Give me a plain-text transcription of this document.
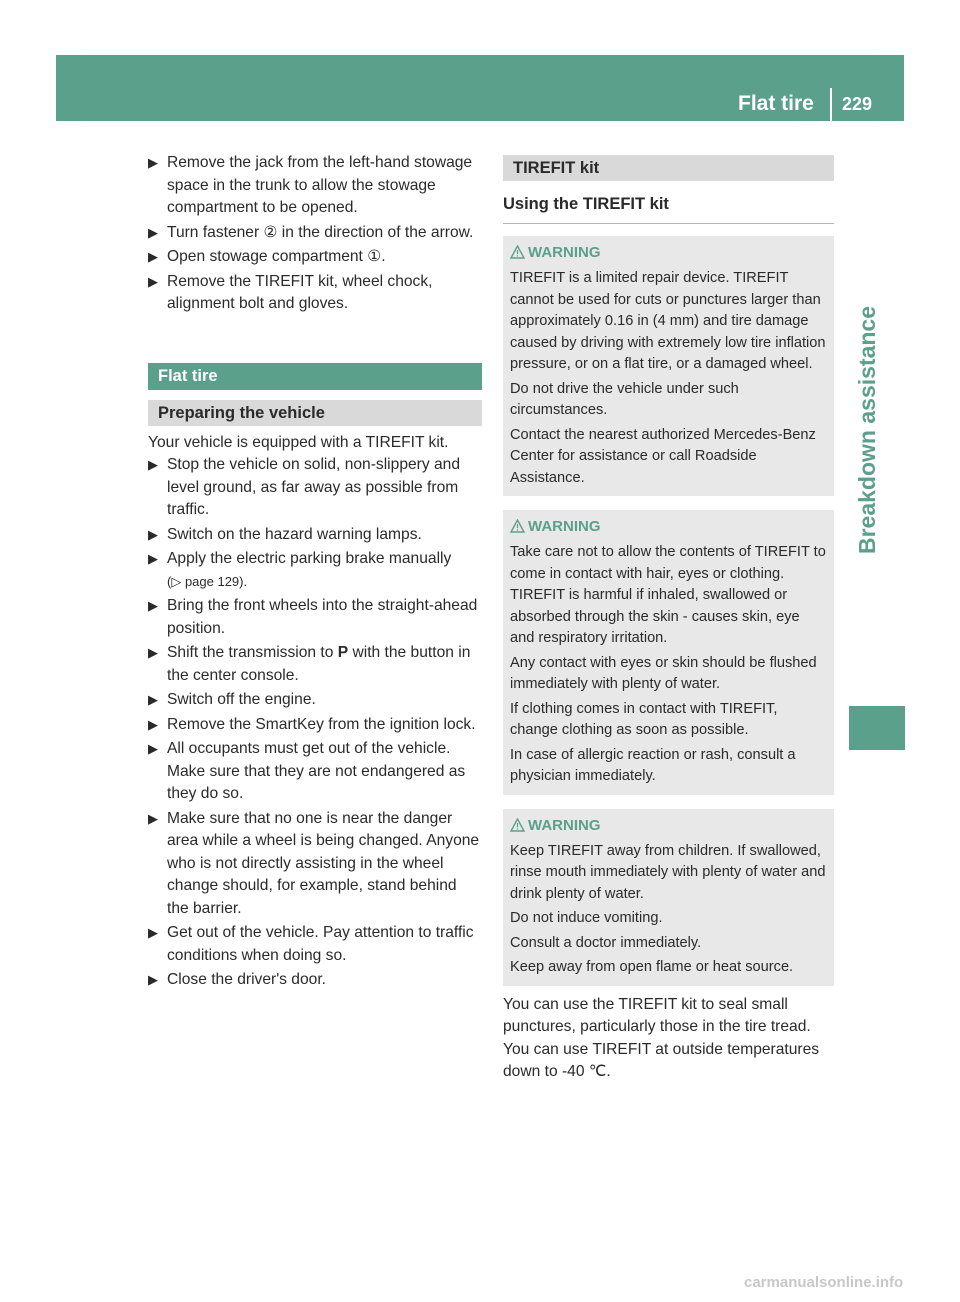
Flat tire 229
Breakdown assistance
▶ Remove the jack from the left-hand stowage space in the trunk to allow the stowage compartment to be opened.
▶ Turn fastener ② in the direction of the arrow.
▶ Open stowage compartment ①.
▶ Remove the TIREFIT kit, wheel chock, alignment bolt and gloves.
Flat tire
Preparing the vehicle
Your vehicle is equipped with a TIREFIT kit.
▶ Stop the vehicle on solid, non-slippery and level ground, as far away as possible from traffic.
▶ Switch on the hazard warning lamps.
▶ Apply the electric parking brake manually
(▷ page 129).
▶ Bring the front wheels into the straight-ahead position.
▶ Shift the transmission to P with the button in the center console.
▶ Switch off the engine.
▶ Remove the SmartKey from the ignition lock.
▶ All occupants must get out of the vehicle. Make sure that they are not endangered as they do so.
▶ Make sure that no one is near the danger area while a wheel is being changed. Anyone who is not directly assisting in the wheel change should, for example, stand behind the barrier.
▶ Get out of the vehicle. Pay attention to traffic conditions when doing so.
▶ Close the driver's door.
TIREFIT kit
Using the TIREFIT kit
WARNING

TIREFIT is a limited repair device. TIREFIT cannot be used for cuts or punctures larger than approximately 0.16 in (4 mm) and tire damage caused by driving with extremely low tire inflation pressure, or on a flat tire, or a damaged wheel.

Do not drive the vehicle under such circumstances.

Contact the nearest authorized Mercedes-Benz Center for assistance or call Roadside Assistance.

WARNING

Take care not to allow the contents of TIREFIT to come in contact with hair, eyes or clothing. TIREFIT is harmful if inhaled, swallowed or absorbed through the skin - causes skin, eye and respiratory irritation.

Any contact with eyes or skin should be flushed immediately with plenty of water.

If clothing comes in contact with TIREFIT, change clothing as soon as possible.

In case of allergic reaction or rash, consult a physician immediately.

WARNING

Keep TIREFIT away from children. If swallowed, rinse mouth immediately with plenty of water and drink plenty of water.

Do not induce vomiting.

Consult a doctor immediately.

Keep away from open flame or heat source.

You can use the TIREFIT kit to seal small punctures, particularly those in the tire tread. You can use TIREFIT at outside temperatures down to -40 ℃.
carmanualsonline.info
